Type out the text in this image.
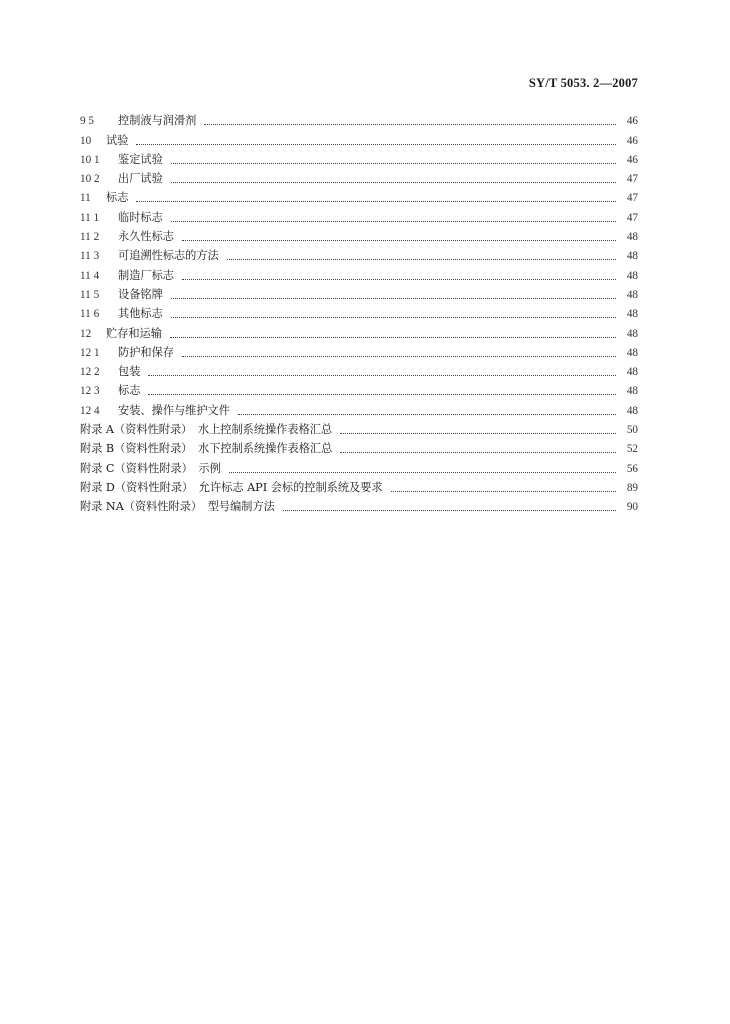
SY/T 5053. 2—2007
9 5	控制液与润滑剂	46
10	试验	46
10 1	鉴定试验	46
10 2	出厂试验	47
11	标志	47
11 1	临时标志	47
11 2	永久性标志	48
11 3	可追溯性标志的方法	48
11 4	制造厂标志	48
11 5	设备铭牌	48
11 6	其他标志	48
12	贮存和运输	48
12 1	防护和保存	48
12 2	包装	48
12 3	标志	48
12 4	安装、操作与维护文件	48
附录 A（资料性附录）　水上控制系统操作表格汇总	50
附录 B（资料性附录）　水下控制系统操作表格汇总	52
附录 C（资料性附录）　示例	56
附录 D（资料性附录）　允许标志 API 会标的控制系统及要求	89
附录 NA（资料性附录）　型号编制方法	90
